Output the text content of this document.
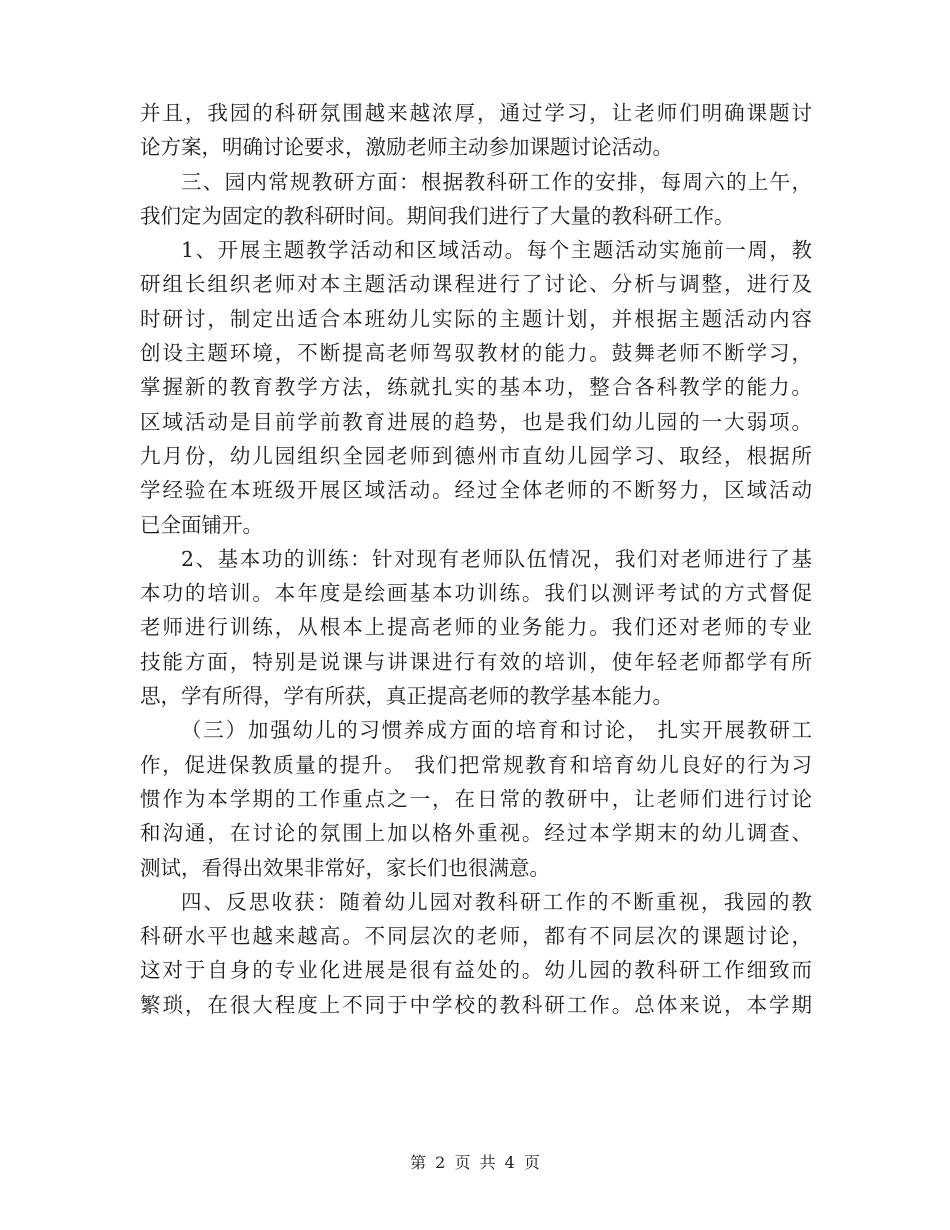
并且，我园的科研氛围越来越浓厚，通过学习，让老师们明确课题讨
论方案，明确讨论要求，激励老师主动参加课题讨论活动。
三、园内常规教研方面：根据教科研工作的安排，每周六的上午，
我们定为固定的教科研时间。期间我们进行了大量的教科研工作。
1、开展主题教学活动和区域活动。每个主题活动实施前一周，教
研组长组织老师对本主题活动课程进行了讨论、分析与调整，进行及
时研讨，制定出适合本班幼儿实际的主题计划，并根据主题活动内容
创设主题环境，不断提高老师驾驭教材的能力。鼓舞老师不断学习，
掌握新的教育教学方法，练就扎实的基本功，整合各科教学的能力。
区域活动是目前学前教育进展的趋势，也是我们幼儿园的一大弱项。
九月份，幼儿园组织全园老师到德州市直幼儿园学习、取经，根据所
学经验在本班级开展区域活动。经过全体老师的不断努力，区域活动
已全面铺开。
2、基本功的训练：针对现有老师队伍情况，我们对老师进行了基
本功的培训。本年度是绘画基本功训练。我们以测评考试的方式督促
老师进行训练，从根本上提高老师的业务能力。我们还对老师的专业
技能方面，特别是说课与讲课进行有效的培训，使年轻老师都学有所
思，学有所得，学有所获，真正提高老师的教学基本能力。
（三）加强幼儿的习惯养成方面的培育和讨论， 扎实开展教研工
作，促进保教质量的提升。 我们把常规教育和培育幼儿良好的行为习
惯作为本学期的工作重点之一，在日常的教研中，让老师们进行讨论
和沟通，在讨论的氛围上加以格外重视。经过本学期末的幼儿调查、
测试，看得出效果非常好，家长们也很满意。
四、反思收获：随着幼儿园对教科研工作的不断重视，我园的教
科研水平也越来越高。不同层次的老师，都有不同层次的课题讨论，
这对于自身的专业化进展是很有益处的。幼儿园的教科研工作细致而
繁琐，在很大程度上不同于中学校的教科研工作。总体来说，本学期
第 2 页 共 4 页
